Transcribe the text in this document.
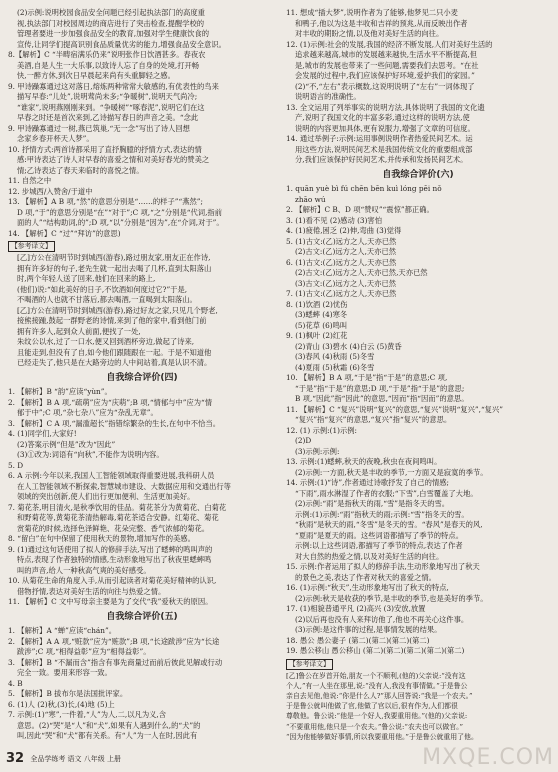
(2)示例:说明校园食品安全问题已经引起执法部门的高度重
视,执法部门对校园周边的商店进行了突击检查,提醒学校的
管理者要进一步加强食品安全的教育,加强对学生健康饮食的
宣传,让同学们提高识别食品质量优劣的能力,增强食品安全意识。
8.【解析】C “半畴宿满乐仍来”说明张作日饮酒甚多。春夜农
美酒,自是人生一大乐事,以致诗人忘了自身的处境,打开畅
快,一醉方休,到次日早晨起来尚有头重脚轻之感。
9. 甲诗躁寡通过这对落日,熔炼两种常常大敏感的,有优表性的鸟来
描写早春:“儿处”,说明莺尚未多;“争暖树”,说明天气尚冷;
“谁家”,说明燕刚刚来到。“争暖树”“啄春泥”,说明它们在这
早春之时还是首次来到,乙诗描写春日的声音之美。“念此
9. 甲诗躁寡通过一树,燕已筑巢,“无一念”写出了诗人回想
念家乡春开杯天人梦”。
10. 抒情方式:两首诗都采用了直抒胸臆的抒情方式,表达的情
感:甲诗表达了诗人对早春的喜爱之情和对美好春光的赞美之
情;乙诗表达了春天来临时的喜悦之情。
11. 自然之中
12. 步城西/入赞舍/于道中
13. 【解析】A B 项,“然”的意思分别是“……的样子”“燕然”;
D 项,“于”的意思分别是“在”“对于”;C 项,“之”分别是“代词,指前
面的人”“结构助词,的”;D 项,“以”分别是“因为”,在“介词,对于”。
14. 【解析】C “过”“拜访”的意思)
【参考译文】
[乙]方公在清明节时到城西(游春),路过朋友家,朋友正在作诗,
拥有许多好的句子,老先生就一起出去喝了几杯,直到太阳落山
时,两个年轻人送了回来,他们在回来的路上,
(他们)说:“如此美好的日子,不饮酒如何度过它?”于是,
不喝酒的人也就不甘落后,都去喝酒,一直喝到太阳落山。
[乙]方公在清明节时到城西(游春),路过好友之家,只见几个野老,
接熊接踵,鼓起一群野老的诗情,来到了他的家中,看到他门前
拥有许多人,起到众人前面,便找了一处,
朱纹公以水,过了一口水,便又回到酒杯旁边,做起了诗来,
且能走到,但没有了自,如今他们跟随跟在一起。于是不知道他
已经走失了,他只是在大路旁边的人中间站着,真是认识不清。
自我综合评价(四)
1. 【解析】B “韵”应读“yùn”。
2. 【解析】B A 项,“疏萌”应为“庆萌”;B 项,“情郁与中”应为“情
郁于中”;C 项,“杂七杂八”应为“杂乱无章”。
3. 【解析】C A 项,“漏滥超长”指错综繁杂的生长,在句中不恰当。
4. (1)同学们,大家好!
(2)答案示例“但是”改为“因此”
(3)①改为:词语有“向秋”,不能作为说明内容。
5. D
6. A 示例:今年以来,我国人工智能领域取得重要进展,我科研人员
在人工智能领域不断探索,智慧城市建设、大数据应用和交通出行等
领域的突出创新,使人们出行更加便利、生活更加美好。
7. 菊花茶,明目清火,是秋季饮用的佳品。菊花茶分为黄菊花、白菊花
和野菊花等,黄菊花茶清热解毒,菊花茶适合安静。红菊花、菊花
赏菊花的时候,选择色泽鲜艳、花朵完整、香气浓郁的菊花。
8. “留白”在句中保留了使用秋天的景物,增加写作的美感。
9. (1)通过这句话使用了拟人的修辞手法,写出了蟋蟀的鸣叫声的
特点,表现了作者独特的情感,生动形象地写出了秋夜里蟋蟀鸣
叫的声音,给人一种秋高气爽的美好感受。
10. 从菊花生命的角度入手,从而引起读者对菊花美好精神的认识,
借物抒情,表达对美好生活的向往与热爱之情。
11. 【解析】C 文中写母亲主要是为了交代“我”爱秋天的原因。
自我综合评价(五)
1. 【解析】A “蝉”应读“chán”。
2. 【解析】A A 项,“赃款”应为“赃款”;B 项,“长途跋涉”应为“长途
跋涉”;C 项,“相得益彰”应为“相得益彰”。
3. 【解析】B “不漏而含”指含有事先商量过而前后彼此见解或行动
完全一致。要用来形容一致。
4. B
5. 【解析】B 拔布尔是法国批评家。
6. (1)人 (2)秋,(3)长,(4)地 (5)上
7. 示例:(1)“寒”,一件着,“人”为人,二,以凡为义,含
意思。(2)“哭”是“人”和“犬”,如果有人遇到什么,的“犬”的
叫,因此“哭”和“犬”都有关系。有“人”为一人在时,因此有
11. 想成“插大梦”,说明作者为了能够,他梦见二只小麦
和鸭子,他以为这是丰收和吉祥的预兆,从而反映出作者
对丰收的期盼之情,以及他对美好生活的向往。
12. (1)示例:社会的发展,我国的经济不断发展,人们对美好生活的
追求越来越高,城市的发展越来越快,生活水平不断提高,但
是,城市的发展也带来了一些问题,需要我们去思考。“在社
会发展的过程中,我们应该保护好环境,爱护我们的家园。”
(2)“不,“左右”表示概数,这说明说明了“左右”一词体现了
说明语言的准确性。
13. 全文运用了列举事实的说明方法,具体说明了我国的文化遗
产,说明了我国文化的丰富多彩,通过这样的说明方法,使
说明的内容更加具体,更有说服力,增强了文章的可信度。
14. 通过举例子:示例:运用事例说明作者热爱民间艺术。运
用这些方法,说明民间艺术是我国传统文化的重要组成部
分,我们应该保护好民间艺术,并传承和发扬民间艺术。
自我综合评价(六)
1. quān yuè bì fú chēn bēn kuì lóng pēi nǒ
zhāo wú
2. 【解析】C B、D 项“赞叹”“震惊”都正确。
3. (1)看不见 (2)感动 (3)害怕
4. (1)疲倦,困乏 (2)伸,弯曲 (3)觉得
5. (1)古文:(乙)远方之人,天亦已然
(2)古文:(乙)远方之人,天亦已然
6. (1)古文:(乙)远方之人,天亦已然
(2)古文:(乙)远方之人,天亦已然,天亦已然
(3)古文:(乙)远方之人,天亦已然
7. (1)古文:(乙)远方之人,天亦已然
8. (1)饮酒 (2)忧伤
(3)蟋蟀 (4)寒冬
(5)花草 (6)鸣叫
9. (1)枫叶 (2)红花
(2)青山 (3)碧水 (4)白云 (5)黄昏
(3)春风 (4)秋雨 (5)冬雪
(4)夏雨 (5)秋霜 (6)冬雪
10. 【解析】B A 项,“于是”指“于是”的意思;C 项,
“于是”指“于是”的意思;D 项,“于是”指“于是”的意思;
B 项,“因此”指“因此”的意思,“因而”指“因而”的意思。
11. 【解析】C “复兴”说明“复兴”的意思,“复兴”说明“复兴”,“复兴”
“复兴”指“复兴”的意思,“复兴”指“复兴”的意思。
12. (1) 示例:(1)示例:
(2)D
(3)示例:示例:
13. 示例:(1)蟋蟀,秋天的夜晚,秋虫在夜间鸣叫。
(2)示例:一方面,秋天是丰收的季节,一方面又是寂寞的季节。
14. 示例:(1)“诗”,作者通过诗歌抒发了自己的情感;
“下雨”,雨水淋湿了作者的衣服;“下雪”,白雪覆盖了大地。
(2)示例:“雨”是指秋天的雨,“雪”是指冬天的雪。
示例:(1)示例:“雨”指秋天的雨;示例:“雪”指冬天的雪。
“秋雨”是秋天的雨,“冬雪”是冬天的雪。“春风”是春天的风,
“夏雨”是夏天的雨。这些词语都描写了季节的特点。
示例:以上这些词语,都描写了季节的特点,表达了作者
对大自然的热爱之情,以及对美好生活的向往。
15. 示例:作者运用了拟人的修辞手法,生动形象地写出了秋天
的景色之美,表达了作者对秋天的喜爱之情。
16. (1)示例:“秋天”,生动形象地写出了秋天的特点,
(2)示例:秋天是收获的季节,是丰收的季节,也是美好的季节。
17. (1)相貌普通平凡 (2)高兴 (3)安放,放置
(2)以后再也没有人来拜访他了,他也不再关心这件事。
(3)示例:是这件事的过程,是事情发展的结果。
18. 愚公 愚公妻子 (第二)(第二)(第二)(第二)
19. 愚公移山 愚公移山 (第二)(第二)(第二)(第二)(第二)
【参考译文】
[乙]鲁公在岁首开始,朋友一个不顺利,(他的)父亲说:“没有这
个人,”有一人坐在那里,说:“没有人,我没有事情做。”于是鲁公
亲自去见他,他说:“你是什么人?”那人回答说:“我是一个农夫。”
于是鲁公就叫他做了官,他做了官以后,很有作为,人们都很
尊敬他。鲁公说:“他是一个好人,我要重用他。”(他的)父亲说:
“不要重用他,他只是一个农夫。”鲁公说:“农夫也可以做官。”
“因为他能够做好事情,所以我要重用他。”于是鲁公就重用了他。
32 全品学练考 语文 八年级 上册	MXQE.COM
